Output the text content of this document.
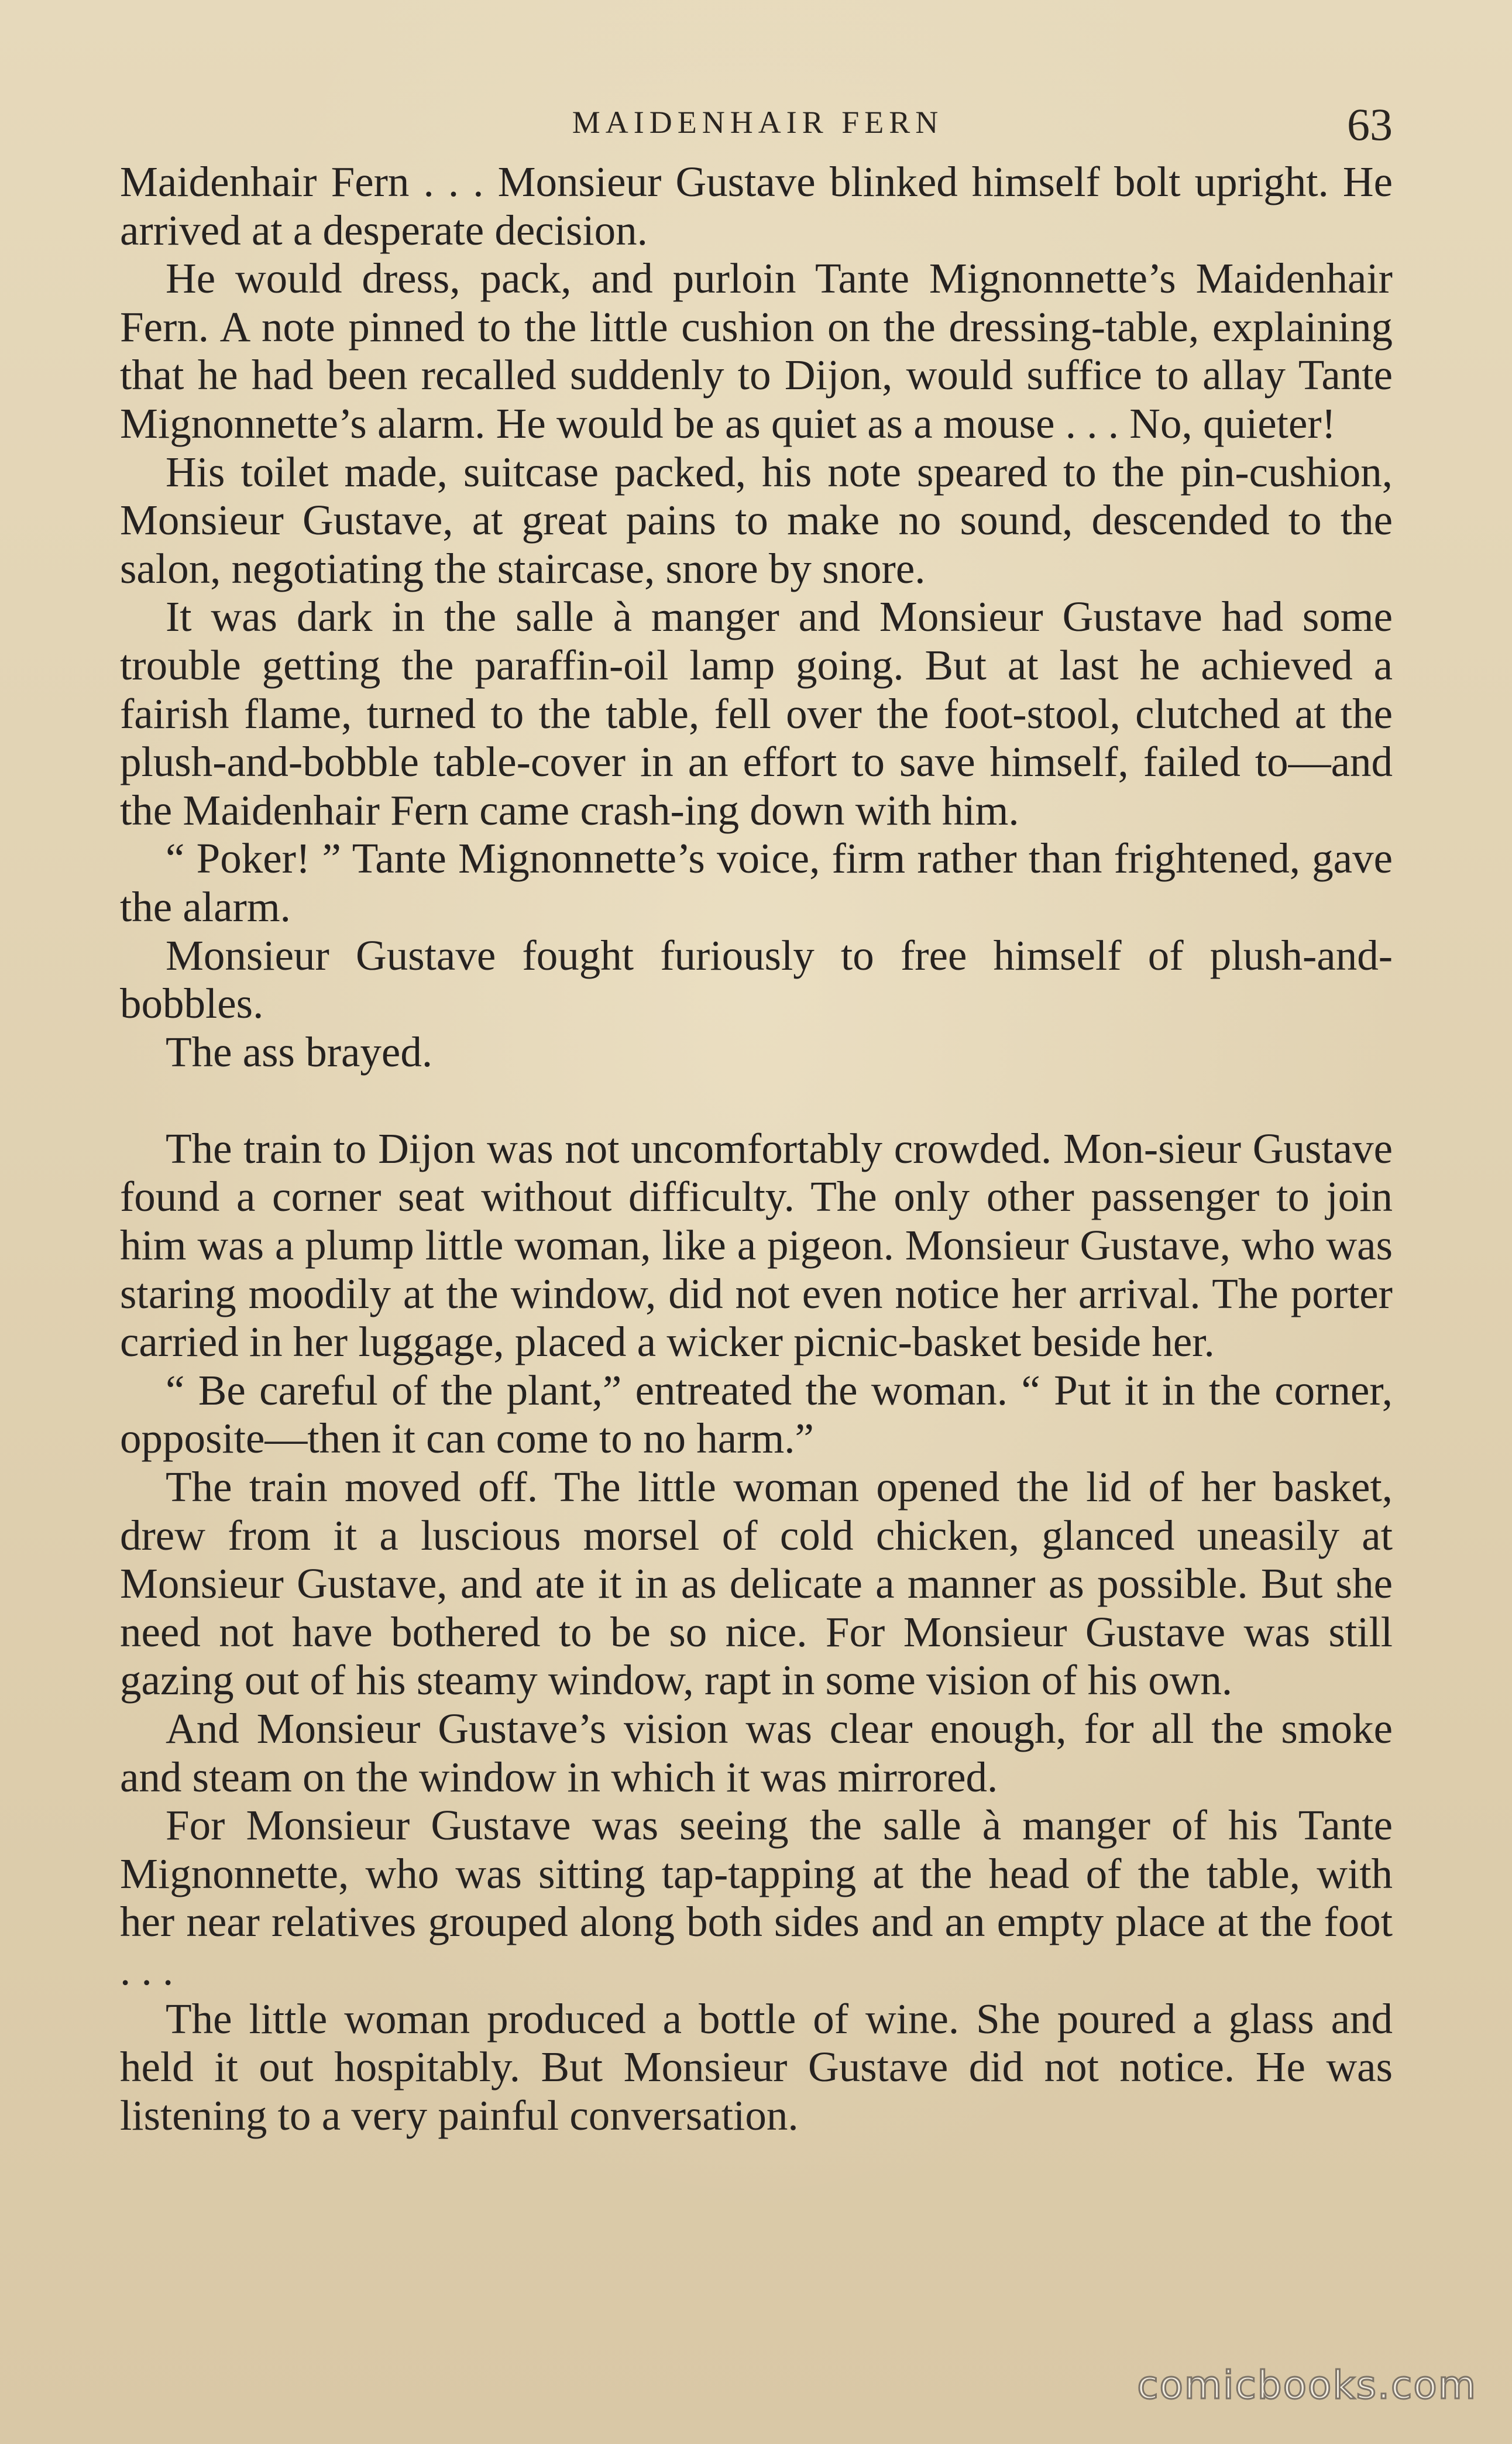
MAIDENHAIR FERN	63

Maidenhair Fern . . . Monsieur Gustave blinked himself bolt upright. He arrived at a desperate decision.

He would dress, pack, and purloin Tante Mignonnette’s Maidenhair Fern. A note pinned to the little cushion on the dressing-table, explaining that he had been recalled suddenly to Dijon, would suffice to allay Tante Mignonnette’s alarm. He would be as quiet as a mouse . . . No, quieter!

His toilet made, suitcase packed, his note speared to the pin-cushion, Monsieur Gustave, at great pains to make no sound, descended to the salon, negotiating the staircase, snore by snore.

It was dark in the salle à manger and Monsieur Gustave had some trouble getting the paraffin-oil lamp going. But at last he achieved a fairish flame, turned to the table, fell over the foot-stool, clutched at the plush-and-bobble table-cover in an effort to save himself, failed to—and the Maidenhair Fern came crash-ing down with him.

“ Poker! ” Tante Mignonnette’s voice, firm rather than frightened, gave the alarm.

Monsieur Gustave fought furiously to free himself of plush-and-bobbles.

The ass brayed.

The train to Dijon was not uncomfortably crowded. Mon-sieur Gustave found a corner seat without difficulty. The only other passenger to join him was a plump little woman, like a pigeon. Monsieur Gustave, who was staring moodily at the window, did not even notice her arrival. The porter carried in her luggage, placed a wicker picnic-basket beside her.

“ Be careful of the plant,” entreated the woman. “ Put it in the corner, opposite—then it can come to no harm.”

The train moved off. The little woman opened the lid of her basket, drew from it a luscious morsel of cold chicken, glanced uneasily at Monsieur Gustave, and ate it in as delicate a manner as possible. But she need not have bothered to be so nice. For Monsieur Gustave was still gazing out of his steamy window, rapt in some vision of his own.

And Monsieur Gustave’s vision was clear enough, for all the smoke and steam on the window in which it was mirrored.

For Monsieur Gustave was seeing the salle à manger of his Tante Mignonnette, who was sitting tap-tapping at the head of the table, with her near relatives grouped along both sides and an empty place at the foot . . .

The little woman produced a bottle of wine. She poured a glass and held it out hospitably. But Monsieur Gustave did not notice. He was listening to a very painful conversation.

comicbooks.com
